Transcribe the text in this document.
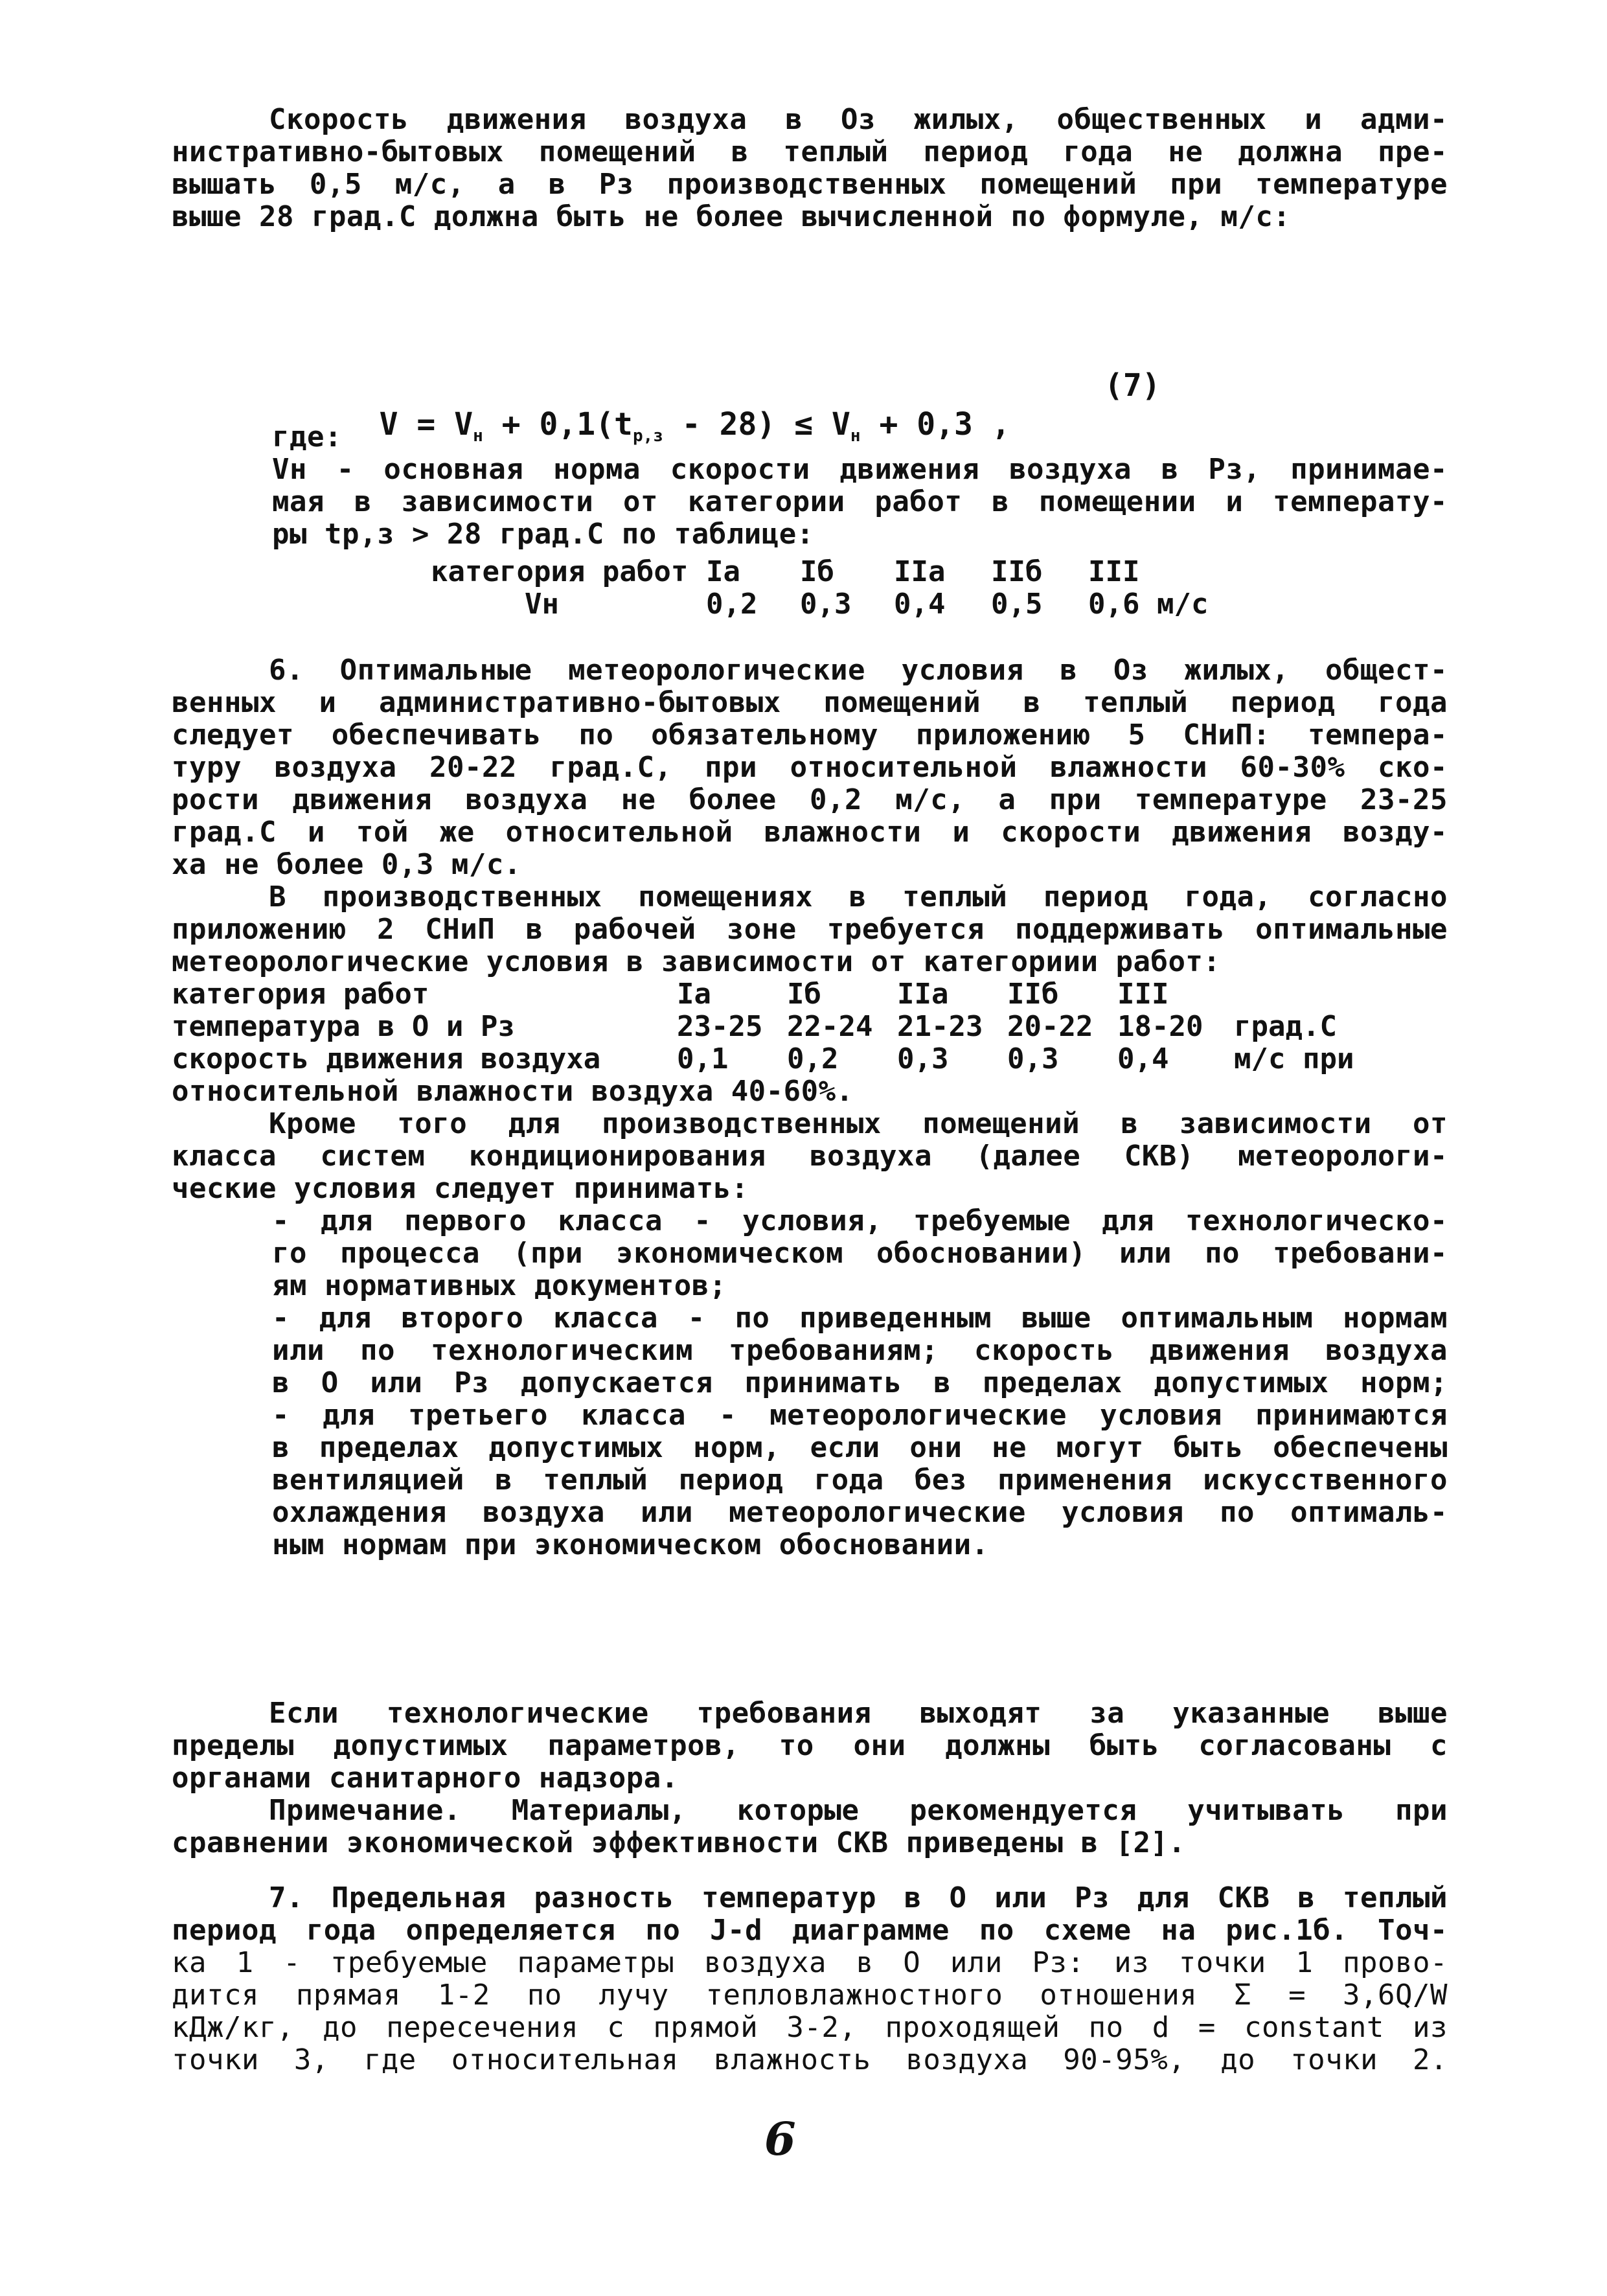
Скорость движения воздуха в Оз жилых, общественных и адми-
нистративно-бытовых помещений в теплый период года не должна пре-
вышать 0,5 м/с, а в Рз производственных помещений при температуре
выше 28 град.С должна быть не более вычисленной по формуле, м/с:

$V = V_н + 0,1(t_{р,з} - 28) \le V_н + 0,3$ ,

(7)

где:
Vн - основная норма скорости движения воздуха в Рз, принимае-
мая в зависимости от категории работ в помещении и температу-
ры tр,з > 28 град.С по таблице:
категория работ	Iа	Iб	IIа	IIб	III
Vн	0,2	0,3	0,4	0,5	0,6 м/с
6. Оптимальные метеорологические условия в Оз жилых, общест-
венных и административно-бытовых помещений в теплый период года
следует обеспечивать по обязательному приложению 5 СНиП: темпера-
туру воздуха 20-22 град.С, при относительной влажности 60-30% ско-
рости движения воздуха не более 0,2 м/с, а при температуре 23-25
град.С и той же относительной влажности и скорости движения возду-
ха не более 0,3 м/с.
В производственных помещениях в теплый период года, согласно
приложению 2 СНиП в рабочей зоне требуется поддерживать оптимальные
метеорологические условия в зависимости от категориии работ:
категория работ	Iа	Iб	IIа	IIб	III	
температура в О и Рз	23-25	22-24	21-23	20-22	18-20	град.С
скорость движения воздуха	0,1	0,2	0,3	0,3	0,4	м/с при
относительной влажности воздуха 40-60%.
Кроме того для производственных помещений в зависимости от
класса систем кондиционирования воздуха (далее СКВ) метеорологи-
ческие условия следует принимать:
- для первого класса - условия, требуемые для технологическо-
го процесса (при экономическом обосновании) или по требовани-
ям нормативных документов;
- для второго класса - по приведенным выше оптимальным нормам
или по технологическим требованиям; скорость движения воздуха
в О или Рз допускается принимать в пределах допустимых норм;
- для третьего класса - метеорологические условия принимаются
в пределах допустимых норм, если они не могут быть обеспечены
вентиляцией в теплый период года без применения искусственного
охлаждения воздуха или метеорологические условия по оптималь-
ным нормам при экономическом обосновании.
Если технологические требования выходят за указанные выше
пределы допустимых параметров, то они должны быть согласованы с
органами санитарного надзора.
Примечание. Материалы, которые рекомендуется учитывать при
сравнении экономической эффективности СКВ приведены в [2].
7. Предельная разность температур в О или Рз для СКВ в теплый
период года определяется по J-d диаграмме по схеме на рис.1б. Точ-
ка 1 - требуемые параметры воздуха в О или Рз: из точки 1 прово-
дится прямая 1-2 по лучу тепловлажностного отношения Σ = 3,6Q/W
кДж/кг, до пересечения с прямой 3-2, проходящей по d = constant из
точки 3, где относительная влажность воздуха 90-95%, до точки 2.
6
